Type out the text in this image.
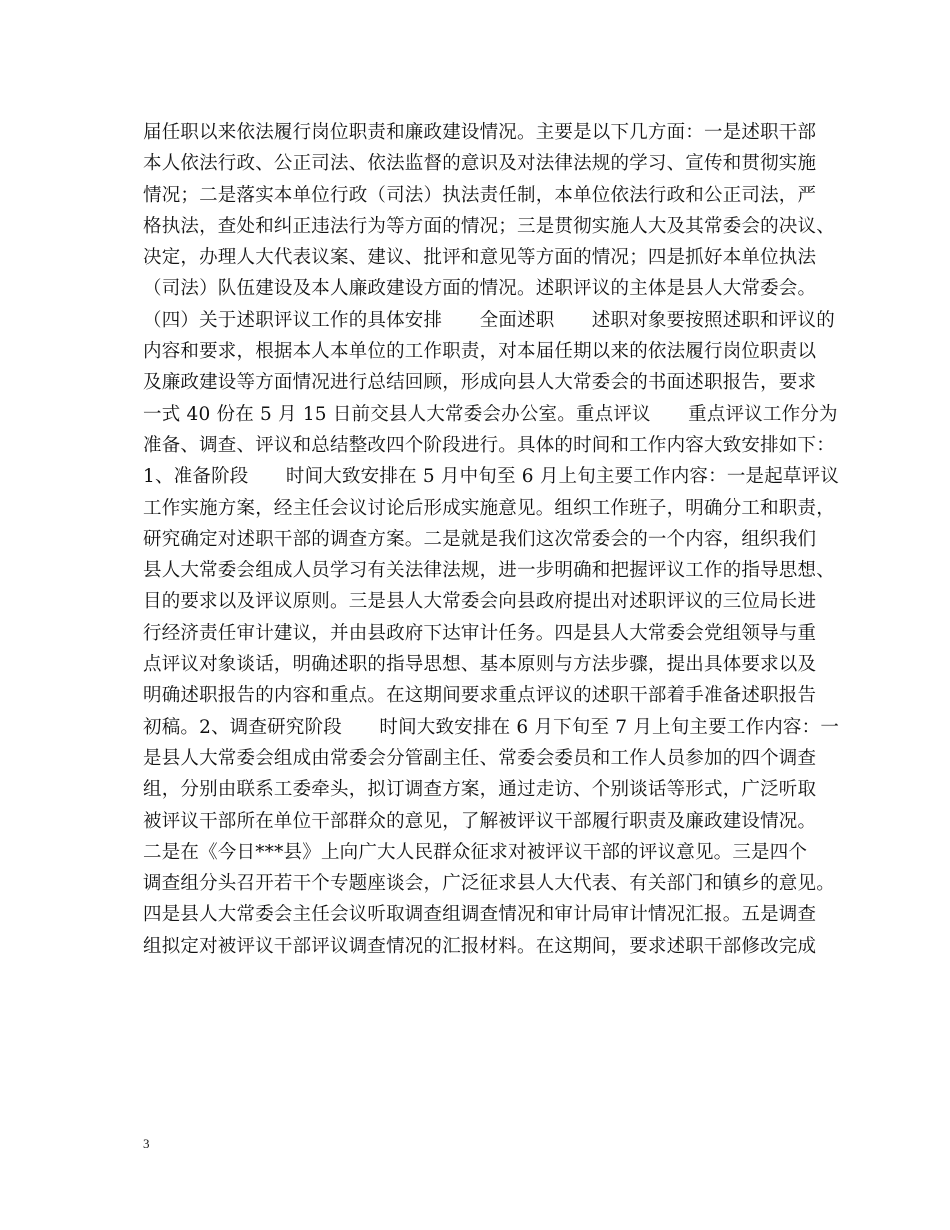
届任职以来依法履行岗位职责和廉政建设情况。主要是以下几方面：一是述职干部
本人依法行政、公正司法、依法监督的意识及对法律法规的学习、宣传和贯彻实施
情况；二是落实本单位行政（司法）执法责任制，本单位依法行政和公正司法，严
格执法，查处和纠正违法行为等方面的情况；三是贯彻实施人大及其常委会的决议、
决定，办理人大代表议案、建议、批评和意见等方面的情况；四是抓好本单位执法
（司法）队伍建设及本人廉政建设方面的情况。述职评议的主体是县人大常委会。
（四）关于述职评议工作的具体安排　　全面述职　　述职对象要按照述职和评议的
内容和要求，根据本人本单位的工作职责，对本届任期以来的依法履行岗位职责以
及廉政建设等方面情况进行总结回顾，形成向县人大常委会的书面述职报告，要求
一式 40 份在 5 月 15 日前交县人大常委会办公室。重点评议　　重点评议工作分为
准备、调查、评议和总结整改四个阶段进行。具体的时间和工作内容大致安排如下：
1、准备阶段　　时间大致安排在 5 月中旬至 6 月上旬主要工作内容：一是起草评议
工作实施方案，经主任会议讨论后形成实施意见。组织工作班子，明确分工和职责，
研究确定对述职干部的调查方案。二是就是我们这次常委会的一个内容，组织我们
县人大常委会组成人员学习有关法律法规，进一步明确和把握评议工作的指导思想、
目的要求以及评议原则。三是县人大常委会向县政府提出对述职评议的三位局长进
行经济责任审计建议，并由县政府下达审计任务。四是县人大常委会党组领导与重
点评议对象谈话，明确述职的指导思想、基本原则与方法步骤，提出具体要求以及
明确述职报告的内容和重点。在这期间要求重点评议的述职干部着手准备述职报告
初稿。2、调查研究阶段　　时间大致安排在 6 月下旬至 7 月上旬主要工作内容：一
是县人大常委会组成由常委会分管副主任、常委会委员和工作人员参加的四个调查
组，分别由联系工委牵头，拟订调查方案，通过走访、个别谈话等形式，广泛听取
被评议干部所在单位干部群众的意见，了解被评议干部履行职责及廉政建设情况。
二是在《今日***县》上向广大人民群众征求对被评议干部的评议意见。三是四个
调查组分头召开若干个专题座谈会，广泛征求县人大代表、有关部门和镇乡的意见。
四是县人大常委会主任会议听取调查组调查情况和审计局审计情况汇报。五是调查
组拟定对被评议干部评议调查情况的汇报材料。在这期间，要求述职干部修改完成
3
